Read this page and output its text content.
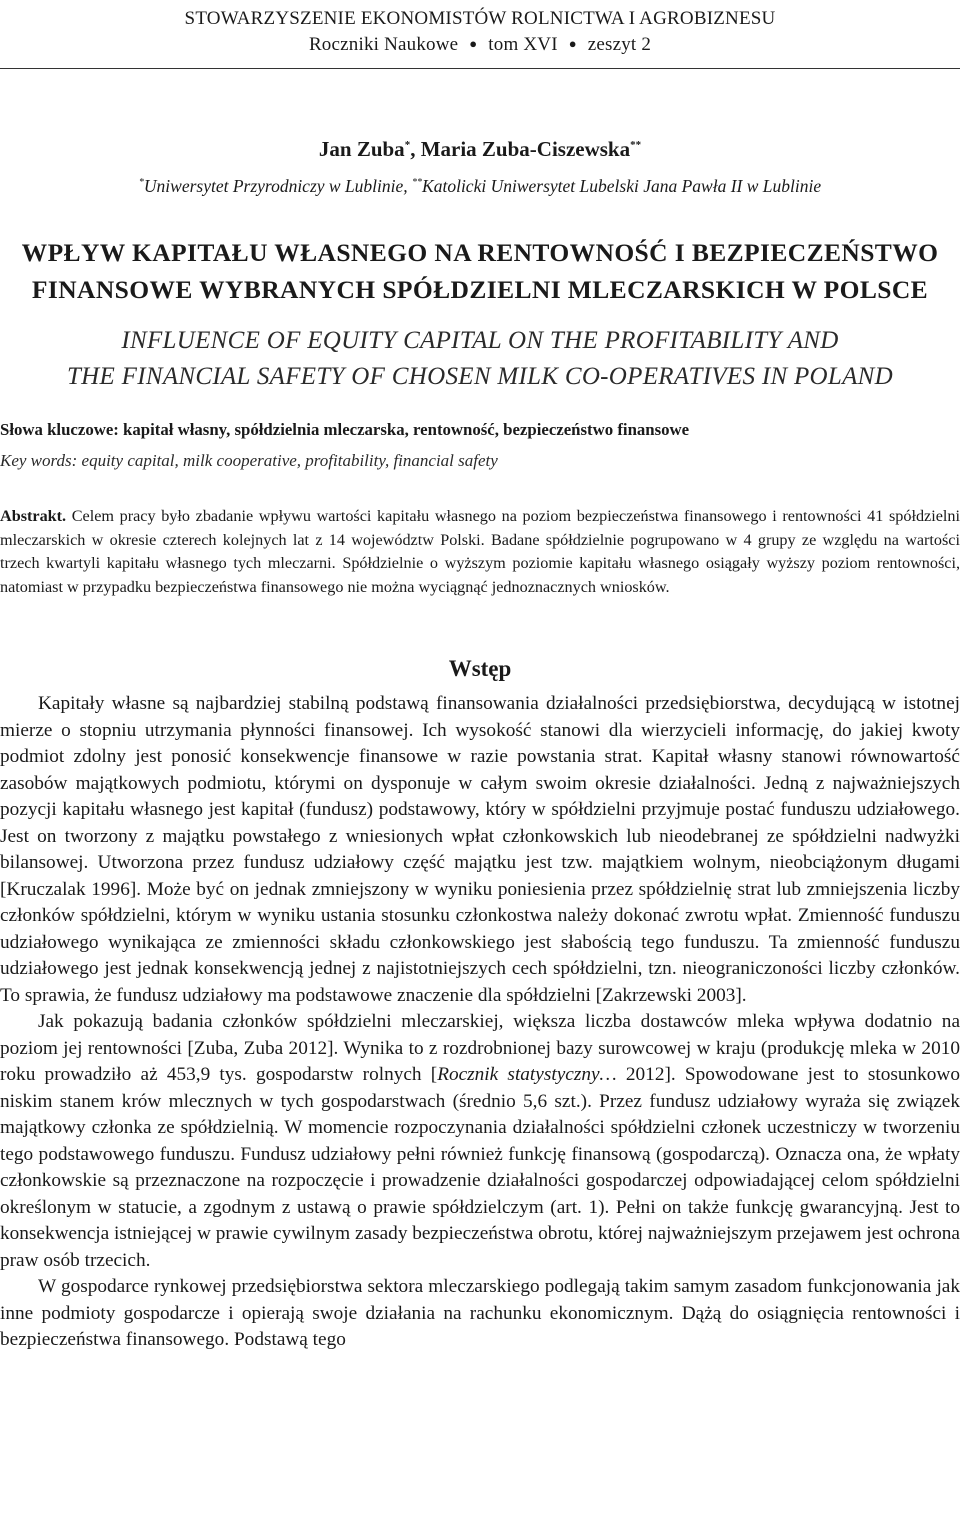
STOWARZYSZENIE EKONOMISTÓW ROLNICTWA I AGROBIZNESU
Roczniki Naukowe ● tom XVI ● zeszyt 2
Jan Zuba*, Maria Zuba-Ciszewska**
*Uniwersytet Przyrodniczy w Lublinie, **Katolicki Uniwersytet Lubelski Jana Pawła II w Lublinie
WPŁYW KAPITAŁU WŁASNEGO NA RENTOWNOŚĆ I BEZPIECZEŃSTWO
FINANSOWE WYBRANYCH SPÓŁDZIELNI MLECZARSKICH W POLSCE
INFLUENCE OF EQUITY CAPITAL ON THE PROFITABILITY AND
THE FINANCIAL SAFETY OF CHOSEN MILK CO-OPERATIVES IN POLAND
Słowa kluczowe: kapitał własny, spółdzielnia mleczarska, rentowność, bezpieczeństwo finansowe
Key words: equity capital, milk cooperative, profitability, financial safety
Abstrakt. Celem pracy było zbadanie wpływu wartości kapitału własnego na poziom bezpieczeństwa finansowego i rentowności 41 spółdzielni mleczarskich w okresie czterech kolejnych lat z 14 województw Polski. Badane spółdzielnie pogrupowano w 4 grupy ze względu na wartości trzech kwartyli kapitału własnego tych mleczarni. Spółdzielnie o wyższym poziomie kapitału własnego osiągały wyższy poziom rentowności, natomiast w przypadku bezpieczeństwa finansowego nie można wyciągnąć jednoznacznych wniosków.
Wstęp

Kapitały własne są najbardziej stabilną podstawą finansowania działalności przedsiębiorstwa, decydującą w istotnej mierze o stopniu utrzymania płynności finansowej. Ich wysokość stanowi dla wierzycieli informację, do jakiej kwoty podmiot zdolny jest ponosić konsekwencje finansowe w razie powstania strat. Kapitał własny stanowi równowartość zasobów majątkowych podmiotu, którymi on dysponuje w całym swoim okresie działalności. Jedną z najważniejszych pozycji kapitału własnego jest kapitał (fundusz) podstawowy, który w spółdzielni przyjmuje postać funduszu udziałowego. Jest on tworzony z majątku powstałego z wniesionych wpłat członkowskich lub nieodebranej ze spółdzielni nadwyżki bilansowej. Utworzona przez fundusz udziałowy część majątku jest tzw. majątkiem wolnym, nieobciążonym długami [Kruczalak 1996]. Może być on jednak zmniejszony w wyniku poniesienia przez spółdzielnię strat lub zmniejszenia liczby członków spółdzielni, którym w wyniku ustania stosunku członkostwa należy dokonać zwrotu wpłat. Zmienność funduszu udziałowego wynikająca ze zmienności składu członkowskiego jest słabością tego funduszu. Ta zmienność funduszu udziałowego jest jednak konsekwencją jednej z najistotniejszych cech spółdzielni, tzn. nieograniczoności liczby członków. To sprawia, że fundusz udziałowy ma podstawowe znaczenie dla spółdzielni [Zakrzewski 2003].

Jak pokazują badania członków spółdzielni mleczarskiej, większa liczba dostawców mleka wpływa dodatnio na poziom jej rentowności [Zuba, Zuba 2012]. Wynika to z rozdrobnionej bazy surowcowej w kraju (produkcję mleka w 2010 roku prowadziło aż 453,9 tys. gospodarstw rolnych [Rocznik statystyczny… 2012]. Spowodowane jest to stosunkowo niskim stanem krów mlecznych w tych gospodarstwach (średnio 5,6 szt.). Przez fundusz udziałowy wyraża się związek majątkowy członka ze spółdzielnią. W momencie rozpoczynania działalności spółdzielni członek uczestniczy w tworzeniu tego podstawowego funduszu. Fundusz udziałowy pełni również funkcję finansową (gospodarczą). Oznacza ona, że wpłaty członkowskie są przeznaczone na rozpoczęcie i prowadzenie działalności gospodarczej odpowiadającej celom spółdzielni określonym w statucie, a zgodnym z ustawą o prawie spółdzielczym (art. 1). Pełni on także funkcję gwarancyjną. Jest to konsekwencja istniejącej w prawie cywilnym zasady bezpieczeństwa obrotu, której najważniejszym przejawem jest ochrona praw osób trzecich.

W gospodarce rynkowej przedsiębiorstwa sektora mleczarskiego podlegają takim samym zasadom funkcjonowania jak inne podmioty gospodarcze i opierają swoje działania na rachunku ekonomicznym. Dążą do osiągnięcia rentowności i bezpieczeństwa finansowego. Podstawą tego
